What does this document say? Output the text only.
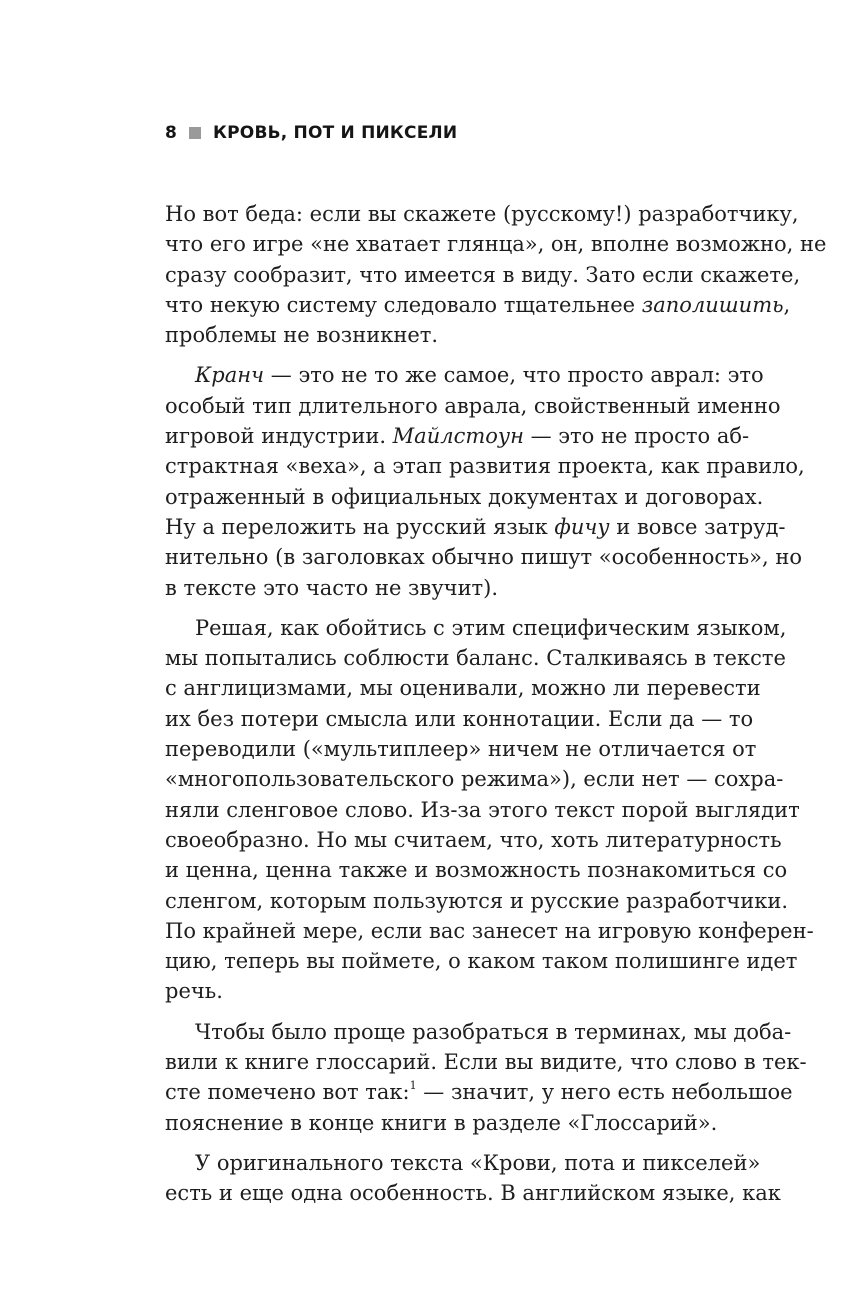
8 КРОВЬ, ПОТ И ПИКСЕЛИ
Но вот беда: если вы скажете (русскому!) разработчику,
что его игре «не хватает глянца», он, вполне возможно, не
сразу сообразит, что имеется в виду. Зато если скажете,
что некую систему следовало тщательнее заполишить,
проблемы не возникнет.
Кранч — это не то же самое, что просто аврал: это
особый тип длительного аврала, свойственный именно
игровой индустрии. Майлстоун — это не просто аб-
страктная «веха», а этап развития проекта, как правило,
отраженный в официальных документах и договорах.
Ну а переложить на русский язык фичу и вовсе затруд-
нительно (в заголовках обычно пишут «особенность», но
в тексте это часто не звучит).
Решая, как обойтись с этим специфическим языком,
мы попытались соблюсти баланс. Сталкиваясь в тексте
с англицизмами, мы оценивали, можно ли перевести
их без потери смысла или коннотации. Если да — то
переводили («мультиплеер» ничем не отличается от
«многопользовательского режима»), если нет — сохра-
няли сленговое слово. Из-за этого текст порой выглядит
своеобразно. Но мы считаем, что, хоть литературность
и ценна, ценна также и возможность познакомиться со
сленгом, которым пользуются и русские разработчики.
По крайней мере, если вас занесет на игровую конферен-
цию, теперь вы поймете, о каком таком полишинге идет
речь.
Чтобы было проще разобраться в терминах, мы доба-
вили к книге глоссарий. Если вы видите, что слово в тек-
сте помечено вот так:$^1$ — значит, у него есть небольшое
пояснение в конце книги в разделе «Глоссарий».
У оригинального текста «Крови, пота и пикселей»
есть и еще одна особенность. В английском языке, как
